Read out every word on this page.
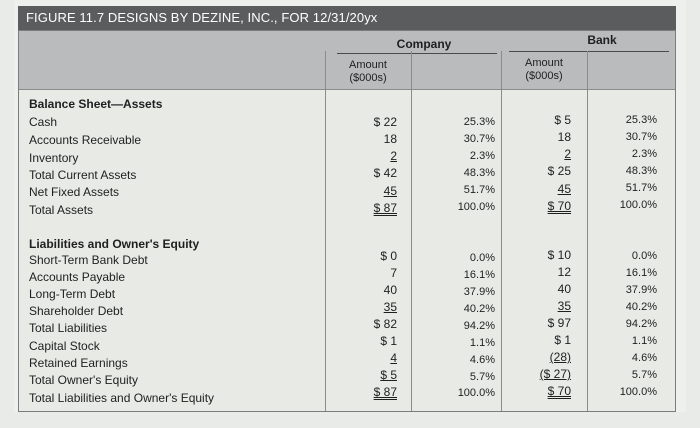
FIGURE 11.7 DESIGNS BY DEZINE, INC., FOR 12/31/20yx
Company	Bank
Amount
($000s)
Amount
($000s)
Balance Sheet—Assets
Cash	$ 22	25.3%	$ 5	25.3%
Accounts Receivable	18	30.7%	18	30.7%
Inventory	2	2.3%	2	2.3%
Total Current Assets	$ 42	48.3%	$ 25	48.3%
Net Fixed Assets	45	51.7%	45	51.7%
Total Assets	$ 87	100.0%	$ 70	100.0%
Liabilities and Owner's Equity
Short-Term Bank Debt	$ 0	0.0%	$ 10	0.0%
Accounts Payable	7	16.1%	12	16.1%
Long-Term Debt	40	37.9%	40	37.9%
Shareholder Debt	35	40.2%	35	40.2%
Total Liabilities	$ 82	94.2%	$ 97	94.2%
Capital Stock	$ 1	1.1%	$ 1	1.1%
Retained Earnings	4	4.6%	(28)	4.6%
Total Owner's Equity	$ 5	5.7%	($ 27)	5.7%
Total Liabilities and Owner's Equity	$ 87	100.0%	$ 70	100.0%
